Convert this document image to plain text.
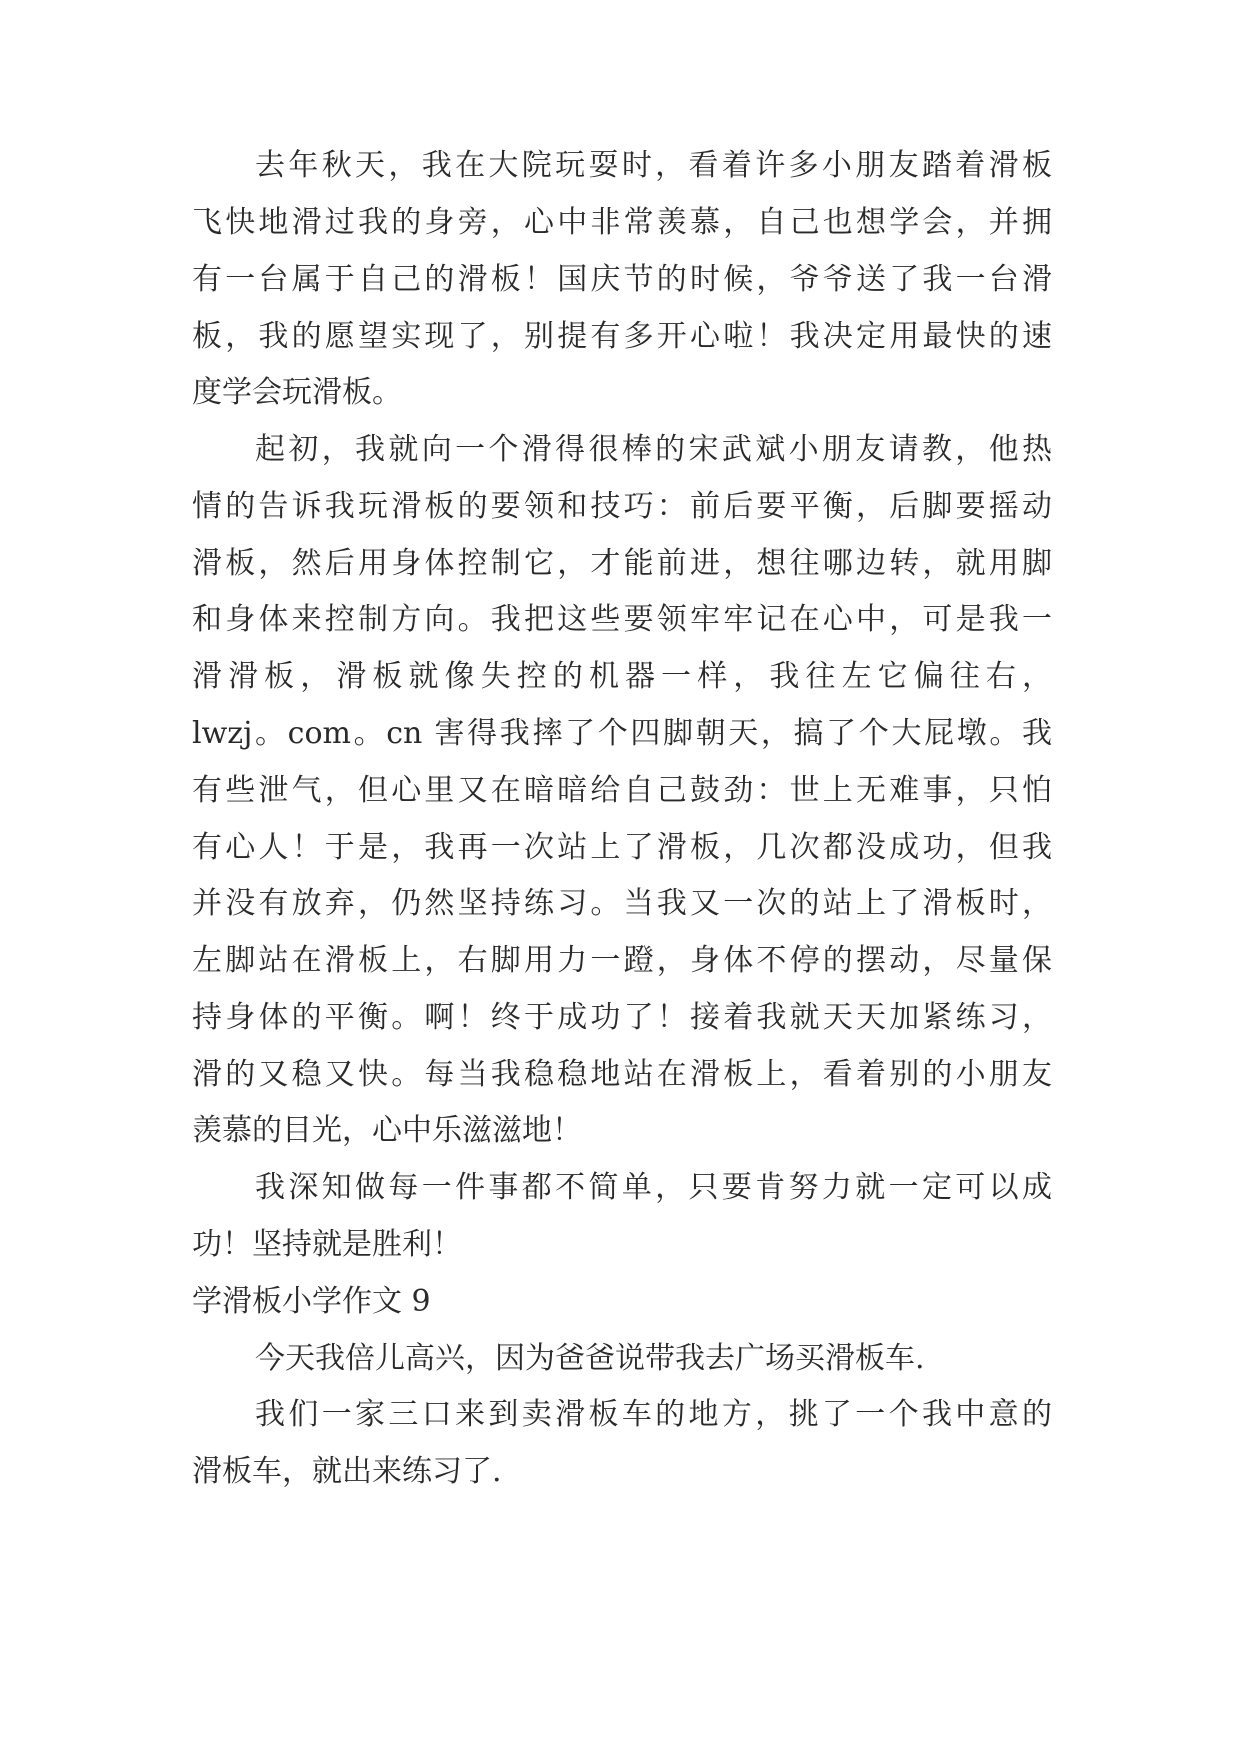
去年秋天，我在大院玩耍时，看着许多小朋友踏着滑板

飞快地滑过我的身旁，心中非常羡慕，自己也想学会，并拥

有一台属于自己的滑板！国庆节的时候，爷爷送了我一台滑

板，我的愿望实现了，别提有多开心啦！我决定用最快的速

度学会玩滑板。

起初，我就向一个滑得很棒的宋武斌小朋友请教，他热

情的告诉我玩滑板的要领和技巧：前后要平衡，后脚要摇动

滑板，然后用身体控制它，才能前进，想往哪边转，就用脚

和身体来控制方向。我把这些要领牢牢记在心中，可是我一

滑滑板，滑板就像失控的机器一样，我往左它偏往右，

lwzj。com。cn 害得我摔了个四脚朝天，搞了个大屁墩。我

有些泄气，但心里又在暗暗给自己鼓劲：世上无难事，只怕

有心人！于是，我再一次站上了滑板，几次都没成功，但我

并没有放弃，仍然坚持练习。当我又一次的站上了滑板时，

左脚站在滑板上，右脚用力一蹬，身体不停的摆动，尽量保

持身体的平衡。啊！终于成功了！接着我就天天加紧练习，

滑的又稳又快。每当我稳稳地站在滑板上，看着别的小朋友

羡慕的目光，心中乐滋滋地！

我深知做每一件事都不简单，只要肯努力就一定可以成

功！坚持就是胜利！

学滑板小学作文 9

今天我倍儿高兴，因为爸爸说带我去广场买滑板车.

我们一家三口来到卖滑板车的地方，挑了一个我中意的

滑板车，就出来练习了.
